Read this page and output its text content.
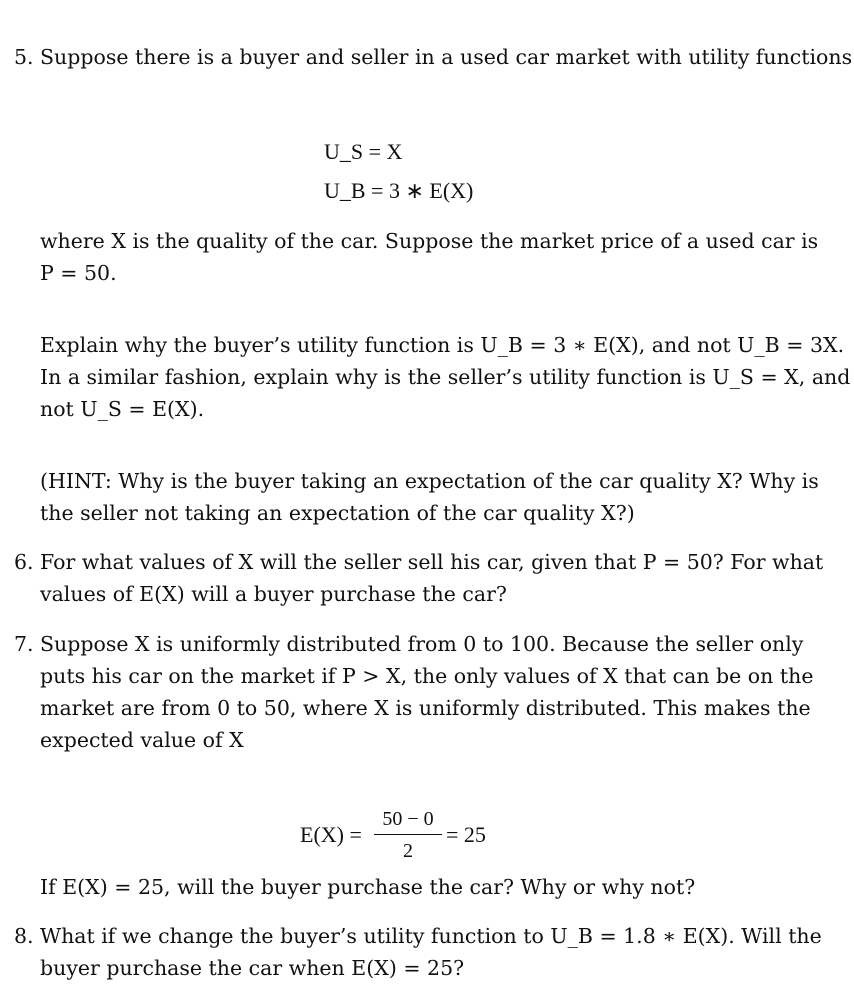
5. Suppose there is a buyer and seller in a used car market with utility functions
U_S = X
U_B = 3 ∗ E(X)
where X is the quality of the car. Suppose the market price of a used car is
P = 50.
Explain why the buyer’s utility function is U_B = 3 ∗ E(X), and not U_B = 3X.
In a similar fashion, explain why is the seller’s utility function is U_S = X, and
not U_S = E(X).
(HINT: Why is the buyer taking an expectation of the car quality X? Why is
the seller not taking an expectation of the car quality X?)
6. For what values of X will the seller sell his car, given that P = 50? For what
values of E(X) will a buyer purchase the car?
7. Suppose X is uniformly distributed from 0 to 100. Because the seller only
puts his car on the market if P > X, the only values of X that can be on the
market are from 0 to 50, where X is uniformly distributed. This makes the
expected value of X
E(X) =
50 − 0
2
= 25
If E(X) = 25, will the buyer purchase the car? Why or why not?
8. What if we change the buyer’s utility function to U_B = 1.8 ∗ E(X). Will the
buyer purchase the car when E(X) = 25?
